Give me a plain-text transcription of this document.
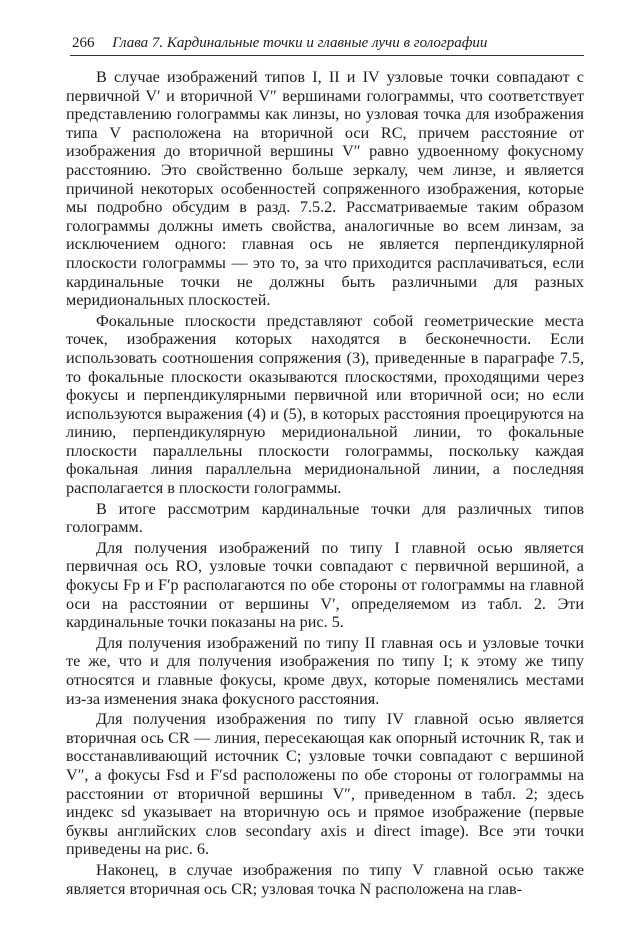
266 Глава 7. Кардинальные точки и главные лучи в голографии

В случае изображений типов I, II и IV узловые точки совпадают с первичной V′ и вторичной V″ вершинами голограммы, что соответствует представлению голограммы как линзы, но узловая точка для изображения типа V расположена на вторичной оси RC, причем расстояние от изображения до вторичной вершины V″ равно удвоенному фокусному расстоянию. Это свойственно больше зеркалу, чем линзе, и является причиной некоторых особенностей сопряженного изображения, которые мы подробно обсудим в разд. 7.5.2. Рассматриваемые таким образом голограммы должны иметь свойства, аналогичные во всем линзам, за исключением одного: главная ось не является перпендикулярной плоскости голограммы — это то, за что приходится расплачиваться, если кардинальные точки не должны быть различными для разных меридиональных плоскостей.

Фокальные плоскости представляют собой геометрические места точек, изображения которых находятся в бесконечности. Если использовать соотношения сопряжения (3), приведенные в параграфе 7.5, то фокальные плоскости оказываются плоскостями, проходящими через фокусы и перпендикулярными первичной или вторичной оси; но если используются выражения (4) и (5), в которых расстояния проецируются на линию, перпендикулярную меридиональной линии, то фокальные плоскости параллельны плоскости голограммы, поскольку каждая фокальная линия параллельна меридиональной линии, а последняя располагается в плоскости голограммы.

В итоге рассмотрим кардинальные точки для различных типов голограмм.

Для получения изображений по типу I главной осью является первичная ось RO, узловые точки совпадают с первичной вершиной, а фокусы Fp и F′p располагаются по обе стороны от голограммы на главной оси на расстоянии от вершины V′, определяемом из табл. 2. Эти кардинальные точки показаны на рис. 5.

Для получения изображений по типу II главная ось и узловые точки те же, что и для получения изображения по типу I; к этому же типу относятся и главные фокусы, кроме двух, которые поменялись местами из-за изменения знака фокусного расстояния.

Для получения изображения по типу IV главной осью является вторичная ось CR — линия, пересекающая как опорный источник R, так и восстанавливающий источник C; узловые точки совпадают с вершиной V″, а фокусы Fsd и F′sd расположены по обе стороны от голограммы на расстоянии от вторичной вершины V″, приведенном в табл. 2; здесь индекс sd указывает на вторичную ось и прямое изображение (первые буквы английских слов secondary axis и direct image). Все эти точки приведены на рис. 6.

Наконец, в случае изображения по типу V главной осью также является вторичная ось CR; узловая точка N расположена на глав-
